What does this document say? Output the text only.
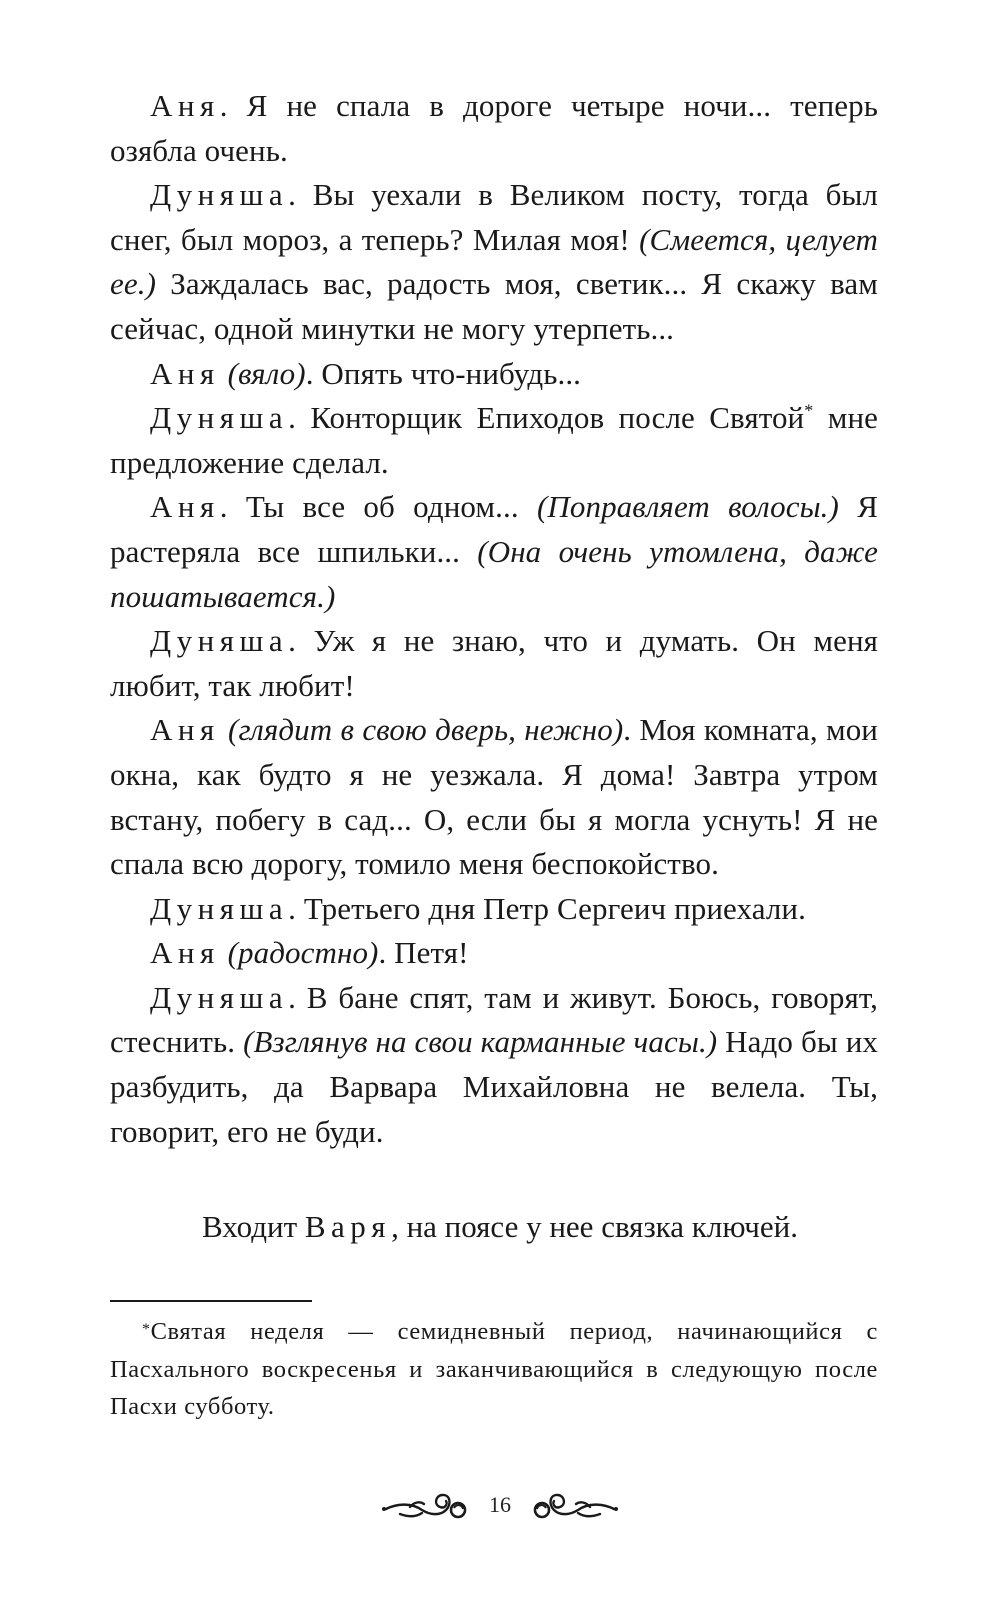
Аня. Я не спала в дороге четыре ночи... теперь озябла очень.

Дуняша. Вы уехали в Великом посту, тогда был снег, был мороз, а теперь? Милая моя! (Смеется, целует ее.) Заждалась вас, радость моя, светик... Я скажу вам сейчас, одной минутки не могу утерпеть...

Аня (вяло). Опять что-нибудь...

Дуняша. Конторщик Епиходов после Святой* мне предложение сделал.

Аня. Ты все об одном... (Поправляет волосы.) Я растеряла все шпильки... (Она очень утомлена, даже пошатывается.)

Дуняша. Уж я не знаю, что и думать. Он меня любит, так любит!

Аня (глядит в свою дверь, нежно). Моя комната, мои окна, как будто я не уезжала. Я дома! Завтра утром встану, побегу в сад... О, если бы я могла уснуть! Я не спала всю дорогу, томило меня беспокойство.

Дуняша. Третьего дня Петр Сергеич приехали.

Аня (радостно). Петя!

Дуняша. В бане спят, там и живут. Боюсь, говорят, стеснить. (Взглянув на свои карманные часы.) Надо бы их разбудить, да Варвара Михайловна не велела. Ты, говорит, его не буди.

Входит Варя, на поясе у нее связка ключей.

*Святая неделя — семидневный период, начинающийся с Пасхального воскресенья и заканчивающийся в следующую после Пасхи субботу.

16
